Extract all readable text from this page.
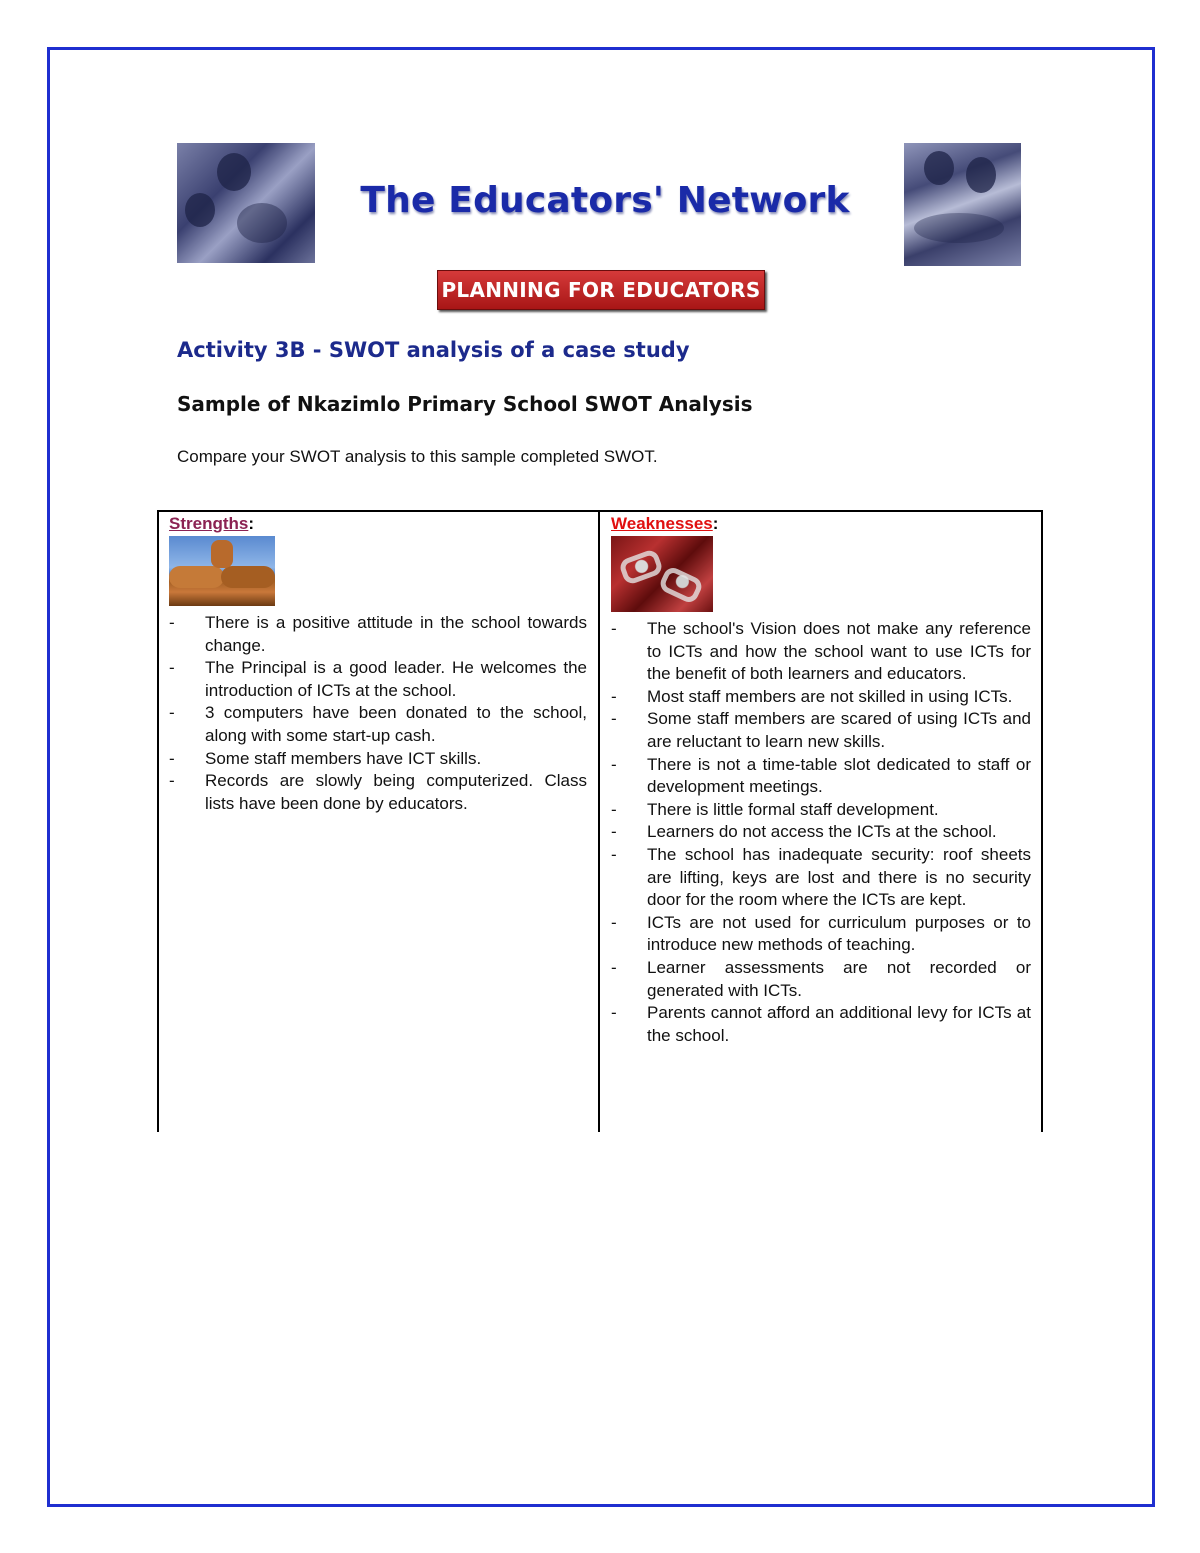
The Educators' Network
PLANNING FOR EDUCATORS
Activity 3B - SWOT analysis of a case study
Sample of Nkazimlo Primary School SWOT Analysis
Compare your SWOT analysis to this sample completed SWOT.
Strengths:
- There is a positive attitude in the school towards change.
- The Principal is a good leader. He welcomes the introduction of ICTs at the school.
- 3 computers have been donated to the school, along with some start-up cash.
- Some staff members have ICT skills.
- Records are slowly being computerized. Class lists have been done by educators.
Weaknesses:
- The school's Vision does not make any reference to ICTs and how the school want to use ICTs for the benefit of both learners and educators.
- Most staff members are not skilled in using ICTs.
- Some staff members are scared of using ICTs and are reluctant to learn new skills.
- There is not a time-table slot dedicated to staff or development meetings.
- There is little formal staff development.
- Learners do not access the ICTs at the school.
- The school has inadequate security: roof sheets are lifting, keys are lost and there is no security door for the room where the ICTs are kept.
- ICTs are not used for curriculum purposes or to introduce new methods of teaching.
- Learner assessments are not recorded or generated with ICTs.
- Parents cannot afford an additional levy for ICTs at the school.
